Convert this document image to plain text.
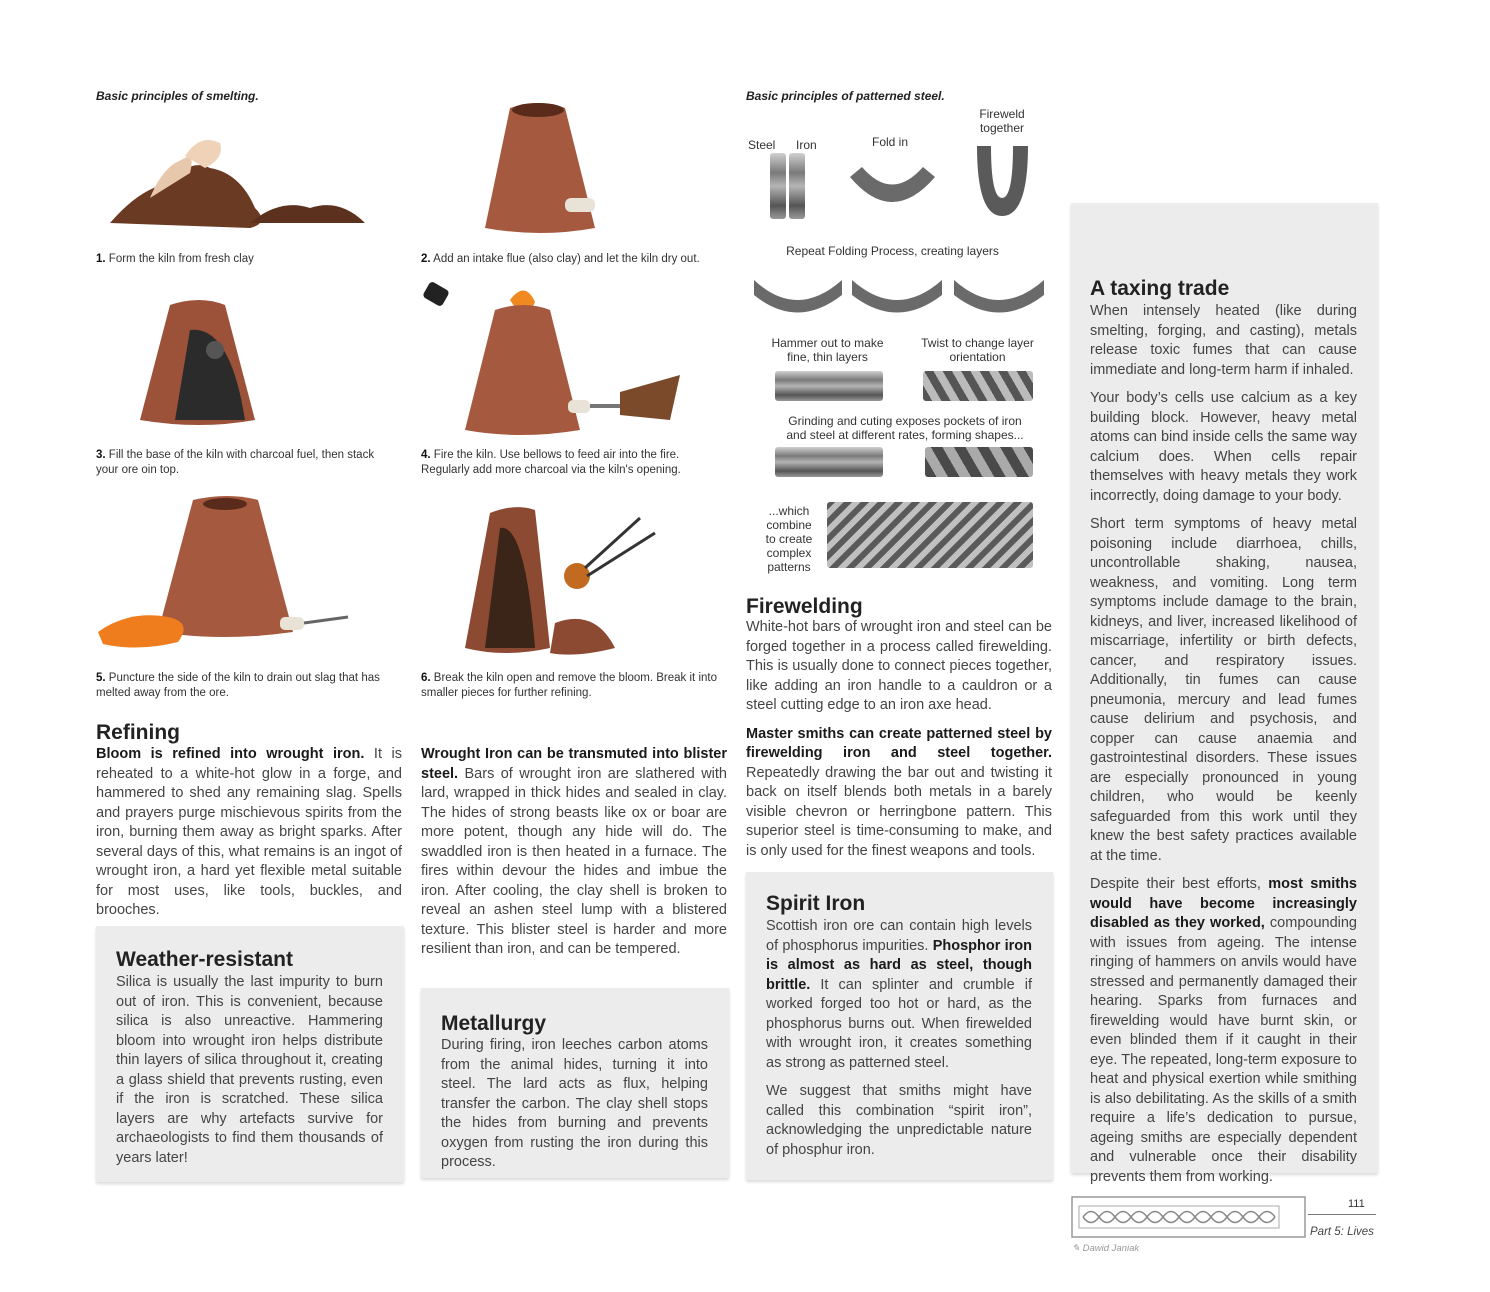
Basic principles of smelting.
1. Form the kiln from fresh clay	2. Add an intake flue (also clay) and let the kiln dry out.
3. Fill the base of the kiln with charcoal fuel, then stack your ore oin top.
4. Fire the kiln. Use bellows to feed air into the fire. Regularly add more charcoal via the kiln's opening.
5. Puncture the side of the kiln to drain out slag that has melted away from the ore.
6. Break the kiln open and remove the bloom. Break it into smaller pieces for further refining.
Basic principles of patterned steel.
Steel Iron	Fold in
Fireweld together
Repeat Folding Process, creating layers
Hammer out to make fine, thin layers
Twist to change layer orientation
Grinding and cuting exposes pockets of iron and steel at different rates, forming shapes...
...which combine to create complex patterns
Refining
Bloom is refined into wrought iron. It is reheated to a white-hot glow in a forge, and hammered to shed any remaining slag. Spells and prayers purge mischievous spirits from the iron, burning them away as bright sparks. After several days of this, what remains is an ingot of wrought iron, a hard yet flexible metal suitable for most uses, like tools, buckles, and brooches.
Wrought Iron can be transmuted into blister steel. Bars of wrought iron are slathered with lard, wrapped in thick hides and sealed in clay. The hides of strong beasts like ox or boar are more potent, though any hide will do. The swaddled iron is then heated in a furnace. The fires within devour the hides and imbue the iron. After cooling, the clay shell is broken to reveal an ashen steel lump with a blistered texture. This blister steel is harder and more resilient than iron, and can be tempered.
Firewelding

White-hot bars of wrought iron and steel can be forged together in a process called firewelding. This is usually done to connect pieces together, like adding an iron handle to a cauldron or a steel cutting edge to an iron axe head.

Master smiths can create patterned steel by firewelding iron and steel together. Repeatedly drawing the bar out and twisting it back on itself blends both metals in a barely visible chevron or herringbone pattern. This superior steel is time-consuming to make, and is only used for the finest weapons and tools.

Weather-resistant
Silica is usually the last impurity to burn out of iron. This is convenient, because silica is also unreactive. Hammering bloom into wrought iron helps distribute thin layers of silica throughout it, creating a glass shield that prevents rusting, even if the iron is scratched. These silica layers are why artefacts survive for archaeologists to find them thousands of years later!
Metallurgy
During firing, iron leeches carbon atoms from the animal hides, turning it into steel. The lard acts as flux, helping transfer the carbon. The clay shell stops the hides from burning and prevents oxygen from rusting the iron during this process.
Spirit Iron

Scottish iron ore can contain high levels of phosphorus impurities. Phosphor iron is almost as hard as steel, though brittle. It can splinter and crumble if worked forged too hot or hard, as the phosphorus burns out. When firewelded with wrought iron, it creates something as strong as patterned steel.

We suggest that smiths might have called this combination “spirit iron”, acknowledging the unpredictable nature of phosphur iron.

A taxing trade

When intensely heated (like during smelting, forging, and casting), metals release toxic fumes that can cause immediate and long-term harm if inhaled.

Your body’s cells use calcium as a key building block. However, heavy metal atoms can bind inside cells the same way calcium does. When cells repair themselves with heavy metals they work incorrectly, doing damage to your body.

Short term symptoms of heavy metal poisoning include diarrhoea, chills, uncontrollable shaking, nausea, weakness, and vomiting. Long term symptoms include damage to the brain, kidneys, and liver, increased likelihood of miscarriage, infertility or birth defects, cancer, and respiratory issues. Additionally, tin fumes can cause pneumonia, mercury and lead fumes cause delirium and psychosis, and copper can cause anaemia and gastrointestinal disorders. These issues are especially pronounced in young children, who would be keenly safeguarded from this work until they knew the best safety practices available at the time.

Despite their best efforts, most smiths would have become increasingly disabled as they worked, compounding with issues from ageing. The intense ringing of hammers on anvils would have stressed and permanently damaged their hearing. Sparks from furnaces and firewelding would have burnt skin, or even blinded them if it caught in their eye. The repeated, long-term exposure to heat and physical exertion while smithing is also debilitating. As the skills of a smith require a life’s dedication to pursue, ageing smiths are especially dependent and vulnerable once their disability prevents them from working.

111
Part 5: Lives
✎ Dawid Janiak
